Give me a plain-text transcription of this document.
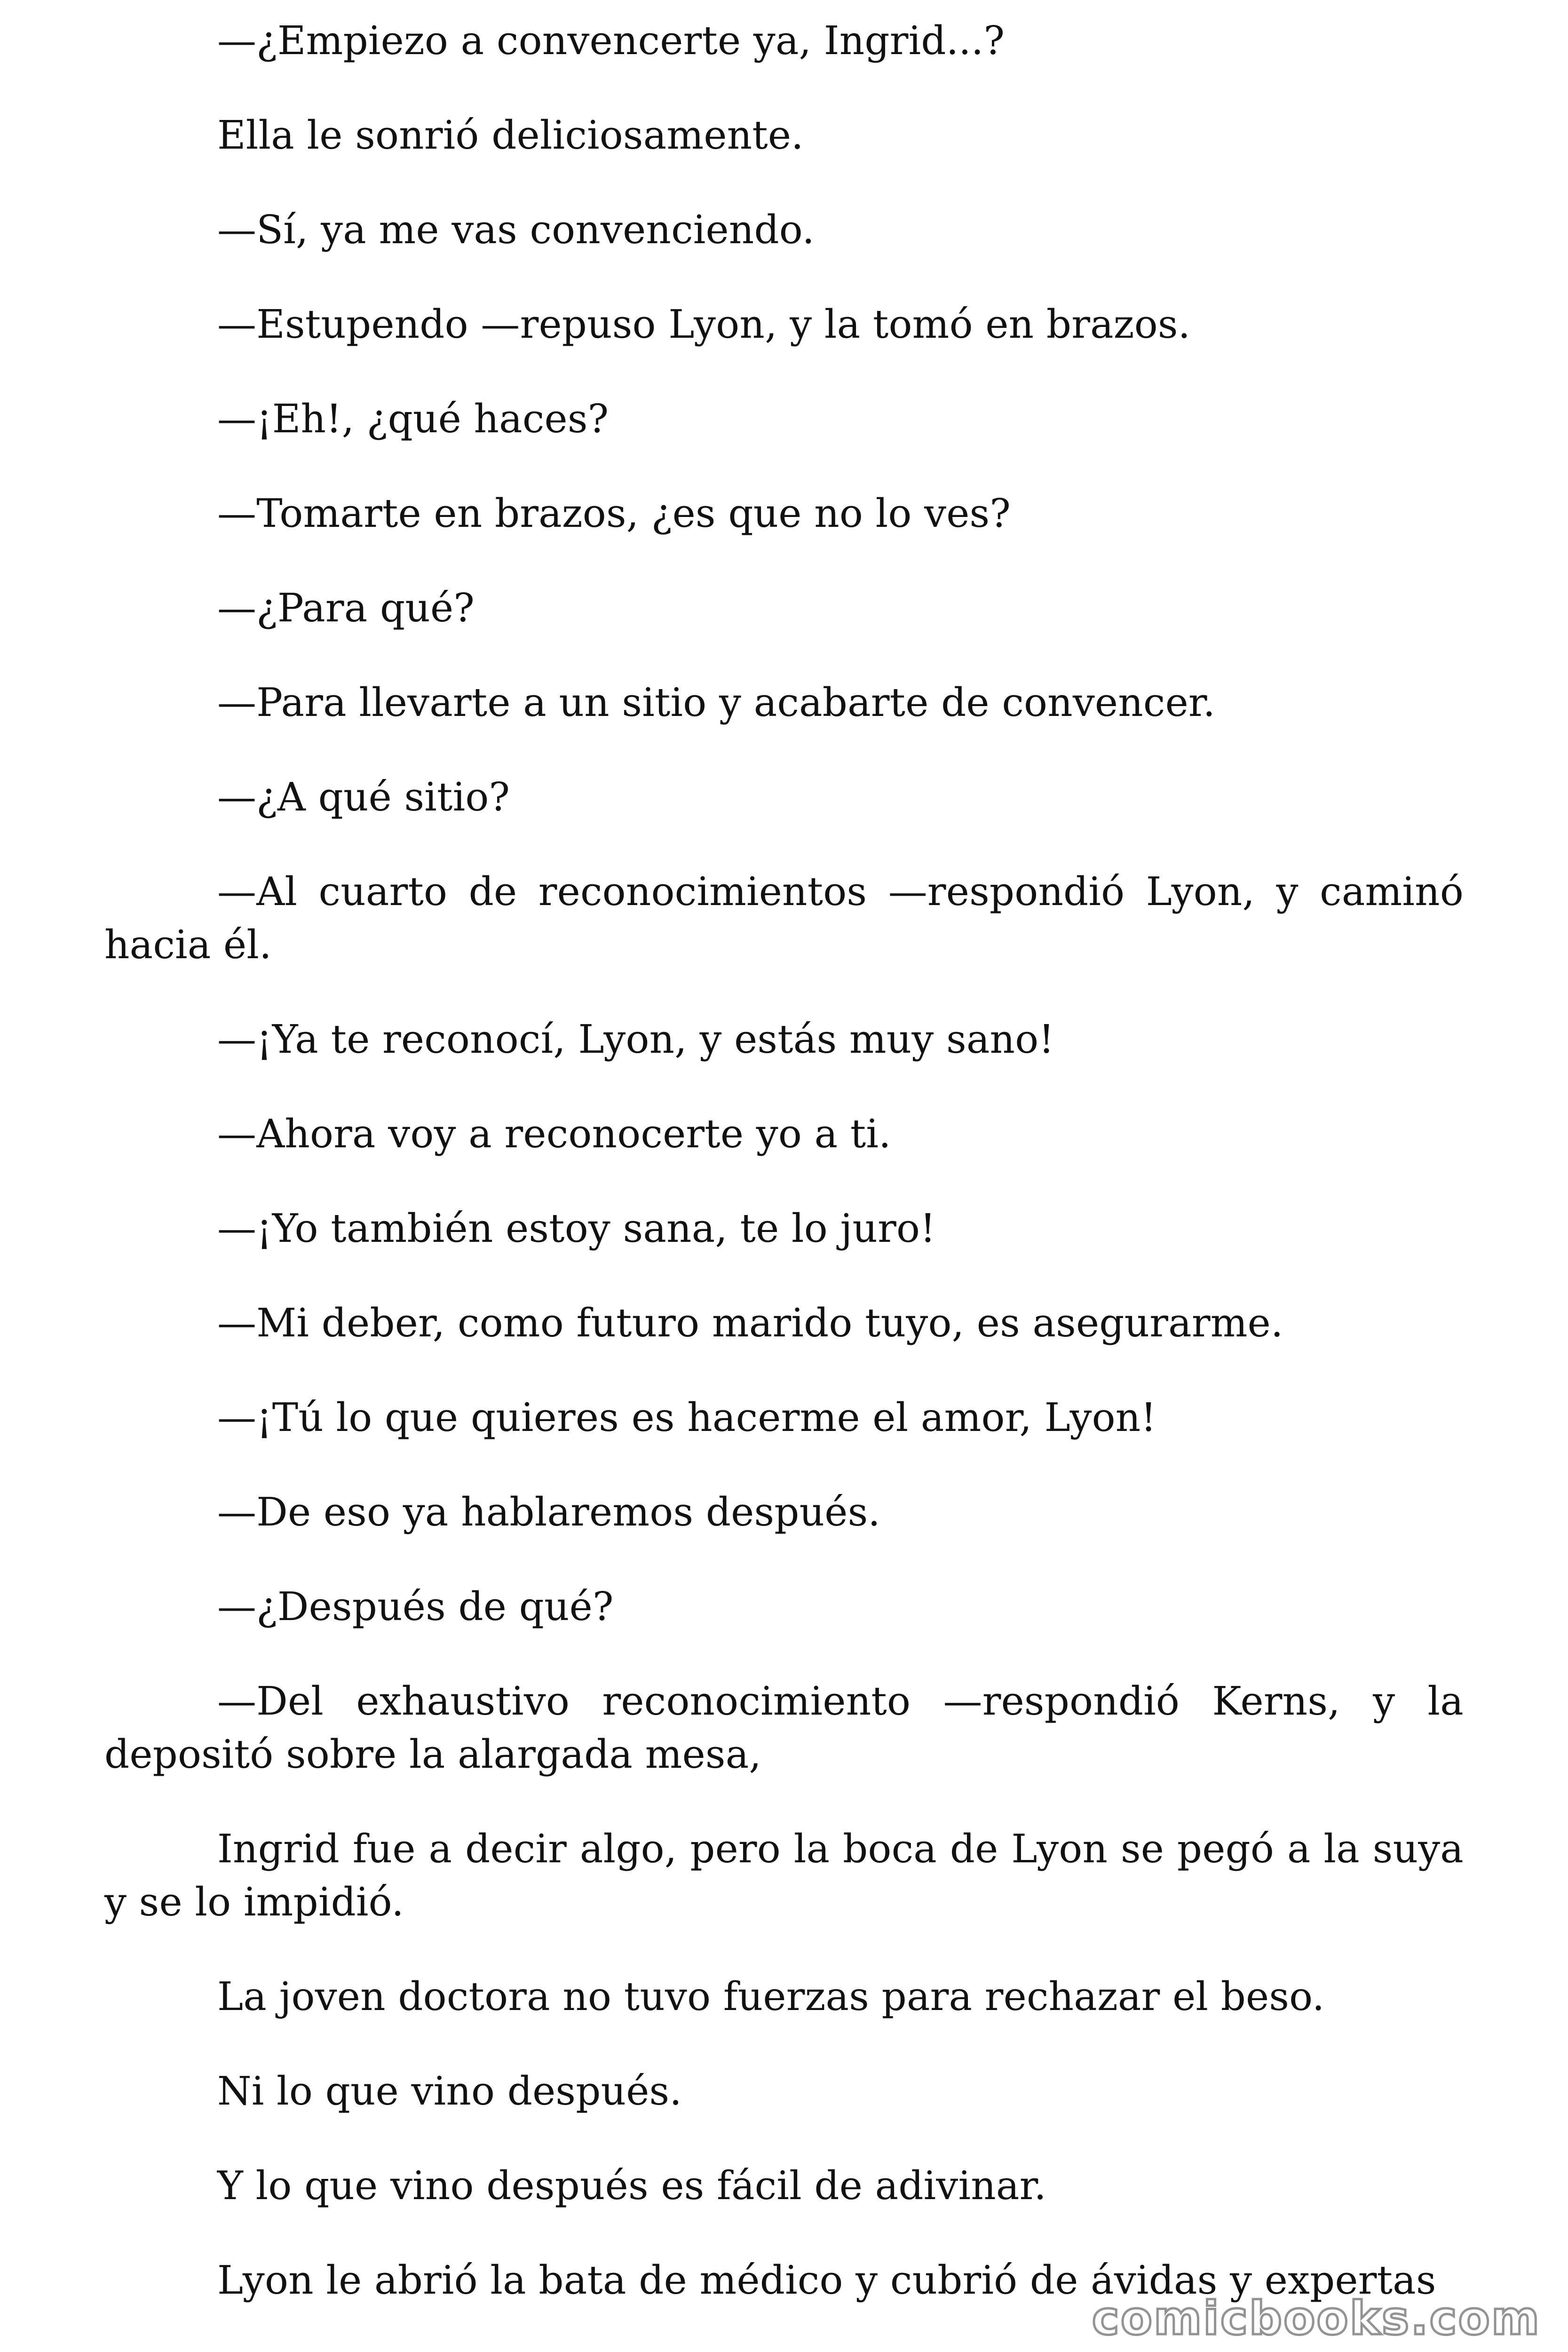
—¿Empiezo a convencerte ya, Ingrid...?

Ella le sonrió deliciosamente.

—Sí, ya me vas convenciendo.

—Estupendo —repuso Lyon, y la tomó en brazos.

—¡Eh!, ¿qué haces?

—Tomarte en brazos, ¿es que no lo ves?

—¿Para qué?

—Para llevarte a un sitio y acabarte de convencer.

—¿A qué sitio?

—Al cuarto de reconocimientos —respondió Lyon, y caminó hacia él.

—¡Ya te reconocí, Lyon, y estás muy sano!

—Ahora voy a reconocerte yo a ti.

—¡Yo también estoy sana, te lo juro!

—Mi deber, como futuro marido tuyo, es asegurarme.

—¡Tú lo que quieres es hacerme el amor, Lyon!

—De eso ya hablaremos después.

—¿Después de qué?

—Del exhaustivo reconocimiento —respondió Kerns, y la depositó sobre la alargada mesa,

Ingrid fue a decir algo, pero la boca de Lyon se pegó a la suya y se lo impidió.

La joven doctora no tuvo fuerzas para rechazar el beso.

Ni lo que vino después.

Y lo que vino después es fácil de adivinar.

Lyon le abrió la bata de médico y cubrió de ávidas y expertas

comicbooks.com
